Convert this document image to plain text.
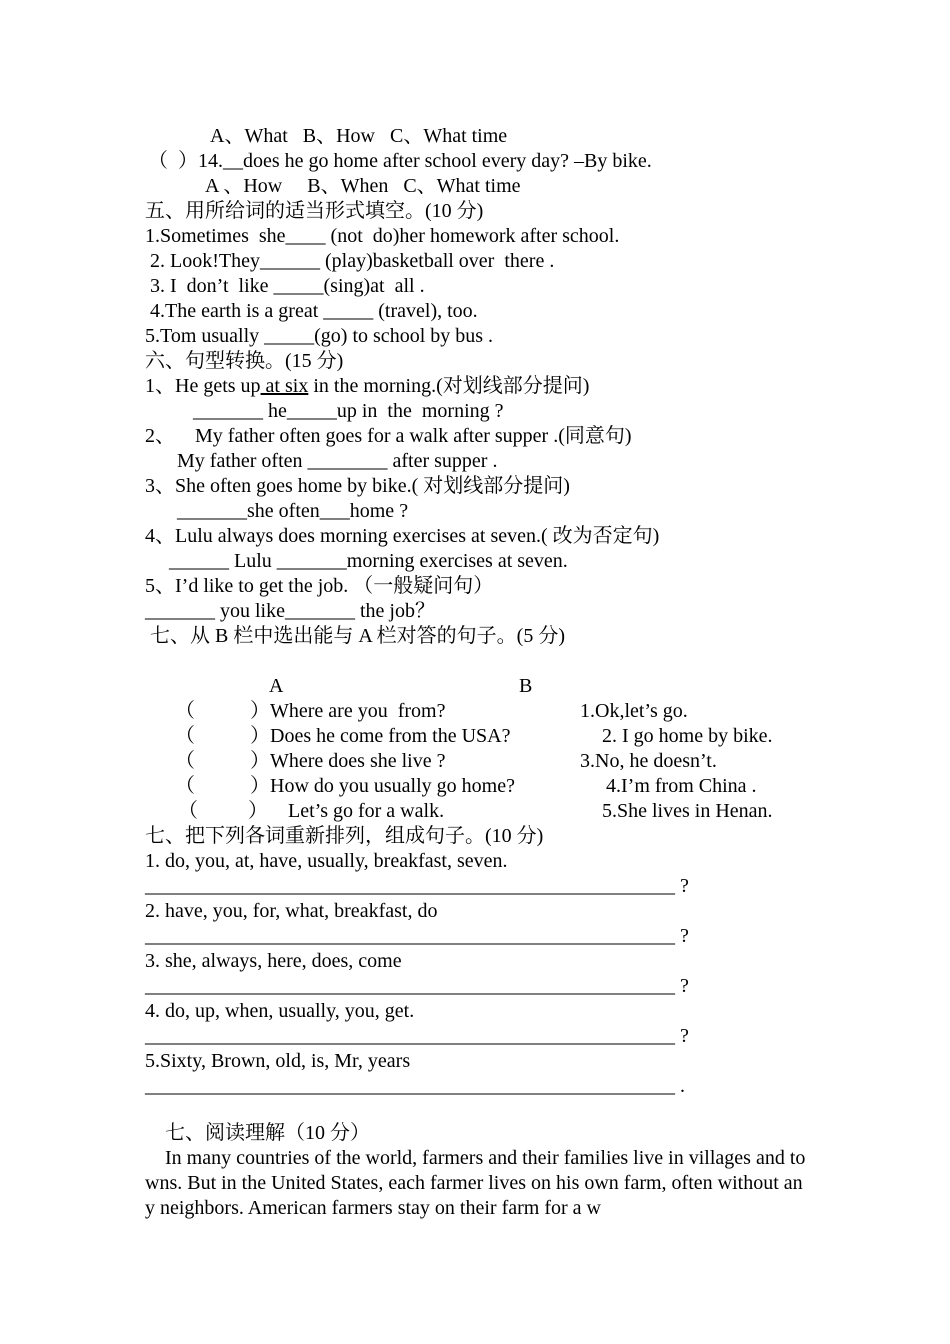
A、What   B、How   C、What time
（  ）14.__does he go home after school every day? –By bike.
A 、How     B、When   C、What time
五、用所给词的适当形式填空。(10 分)
1.Sometimes  she____ (not  do)her homework after school.
2. Look!They______ (play)basketball over  there .
3. I  don’t  like _____(sing)at  all .
4.The earth is a great _____ (travel), too.
5.Tom usually _____(go) to school by bus .
六、句型转换。(15 分)
1、He gets up at six in the morning.(对划线部分提问)
_______ he_____up in  the  morning ?
2、    My father often goes for a walk after supper .(同意句)
My father often ________ after supper .
3、She often goes home by bike.( 对划线部分提问)
_______she often___home ?
4、Lulu always does morning exercises at seven.( 改为否定句)
______ Lulu _______morning exercises at seven.
5、I’d like to get the job. （一般疑问句）
_______ you like_______ the job？
七、从 B 栏中选出能与 A 栏对答的句子。(5 分)
A	B
（           ）Where are you  from?	1.Ok,let’s go.
（           ）Does he come from the USA?	2. I go home by bike.
（           ）Where does she live ?	3.No, he doesn’t.
（           ）How do you usually go home?	4.I’m from China .
（          ）    Let’s go for a walk.	5.She lives in Henan.
七、把下列各词重新排列，组成句子。(10 分)
1. do, you, at, have, usually, breakfast, seven.
_____________________________________________________ ?
2. have, you, for, what, breakfast, do
_____________________________________________________ ?
3. she, always, here, does, come
_____________________________________________________ ?
4. do, up, when, usually, you, get.
_____________________________________________________ ?
5.Sixty, Brown, old, is, Mr, years
_____________________________________________________ .
七、阅读理解（10 分）
In many countries of the world, farmers and their families live in villages and towns. But in the United States, each farmer lives on his own farm, often without any neighbors. American farmers stay on their farm for a w
